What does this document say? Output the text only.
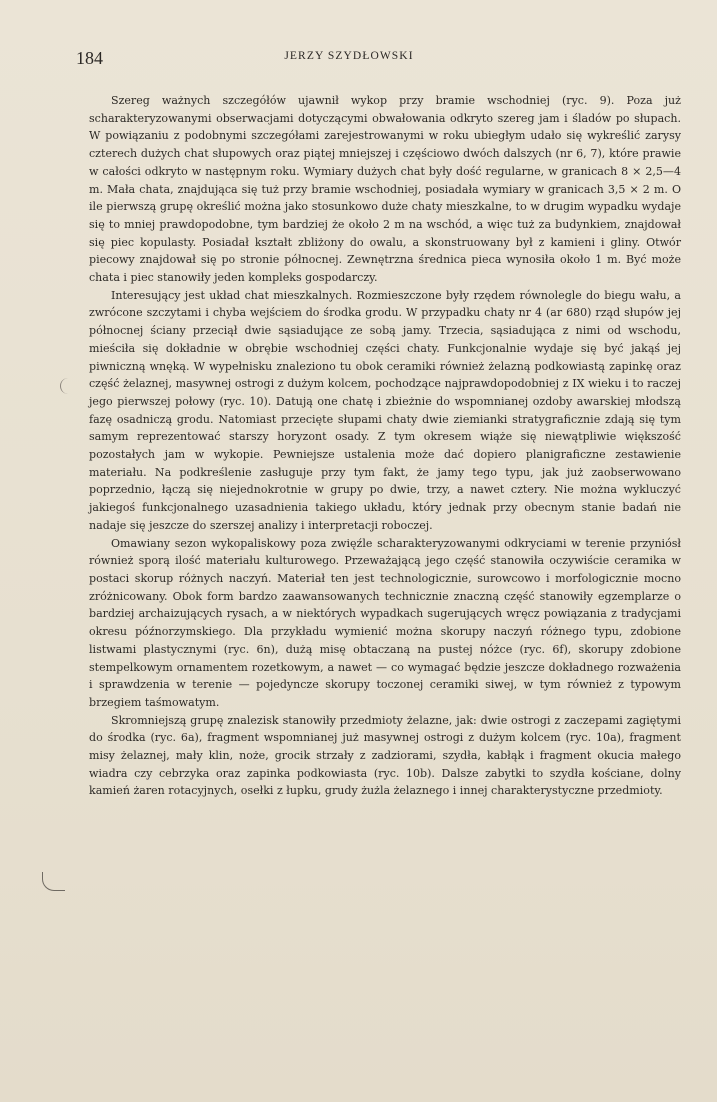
184	JERZY SZYDŁOWSKI

Szereg ważnych szczegółów ujawnił wykop przy bramie wschodniej (ryc. 9). Poza już scharakteryzowanymi obserwacjami dotyczącymi obwałowania odkryto szereg jam i śladów po słupach. W powiązaniu z podobnymi szczegółami zarejestrowanymi w roku ubiegłym udało się wykreślić zarysy czterech dużych chat słupowych oraz piątej mniejszej i częściowo dwóch dalszych (nr 6, 7), które prawie w całości odkryto w następnym roku. Wymiary dużych chat były dość regularne, w granicach 8 × 2,5—4 m. Mała chata, znajdująca się tuż przy bramie wschodniej, posiadała wymiary w granicach 3,5 × 2 m. O ile pierwszą grupę określić można jako stosunkowo duże chaty mieszkalne, to w drugim wypadku wydaje się to mniej prawdopodobne, tym bardziej że około 2 m na wschód, a więc tuż za budynkiem, znajdował się piec kopulasty. Posiadał kształt zbliżony do owalu, a skonstruowany był z kamieni i gliny. Otwór piecowy znajdował się po stronie północnej. Zewnętrzna średnica pieca wynosiła około 1 m. Być może chata i piec stanowiły jeden kompleks gospodarczy.

Interesujący jest układ chat mieszkalnych. Rozmieszczone były rzędem równolegle do biegu wału, a zwrócone szczytami i chyba wejściem do środka grodu. W przypadku chaty nr 4 (ar 680) rząd słupów jej północnej ściany przeciął dwie sąsiadujące ze sobą jamy. Trzecia, sąsiadująca z nimi od wschodu, mieściła się dokładnie w obrębie wschodniej części chaty. Funkcjonalnie wydaje się być jakąś jej piwniczną wnęką. W wypełnisku znaleziono tu obok ceramiki również żelazną podkowiastą zapinkę oraz część żelaznej, masywnej ostrogi z dużym kolcem, pochodzące najprawdopodobniej z IX wieku i to raczej jego pierwszej połowy (ryc. 10). Datują one chatę i zbieżnie do wspomnianej ozdoby awarskiej młodszą fazę osadniczą grodu. Natomiast przecięte słupami chaty dwie ziemianki stratygraficznie zdają się tym samym reprezentować starszy horyzont osady. Z tym okresem wiąże się niewątpliwie większość pozostałych jam w wykopie. Pewniejsze ustalenia może dać dopiero planigraficzne zestawienie materiału. Na podkreślenie zasługuje przy tym fakt, że jamy tego typu, jak już zaobserwowano poprzednio, łączą się niejednokrotnie w grupy po dwie, trzy, a nawet cztery. Nie można wykluczyć jakiegoś funkcjonalnego uzasadnienia takiego układu, który jednak przy obecnym stanie badań nie nadaje się jeszcze do szerszej analizy i interpretacji roboczej.

Omawiany sezon wykopaliskowy poza zwięźle scharakteryzowanymi odkryciami w terenie przyniósł również sporą ilość materiału kulturowego. Przeważającą jego część stanowiła oczywiście ceramika w postaci skorup różnych naczyń. Materiał ten jest technologicznie, surowcowo i morfologicznie mocno zróżnicowany. Obok form bardzo zaawansowanych technicznie znaczną część stanowiły egzemplarze o bardziej archaizujących rysach, a w niektórych wypadkach sugerujących wręcz powiązania z tradycjami okresu późnorzymskiego. Dla przykładu wymienić można skorupy naczyń różnego typu, zdobione listwami plastycznymi (ryc. 6n), dużą misę obtaczaną na pustej nóżce (ryc. 6f), skorupy zdobione stempelkowym ornamentem rozetkowym, a nawet — co wymagać będzie jeszcze dokładnego rozważenia i sprawdzenia w terenie — pojedyncze skorupy toczonej ceramiki siwej, w tym również z typowym brzegiem taśmowatym.

Skromniejszą grupę znalezisk stanowiły przedmioty żelazne, jak: dwie ostrogi z zaczepami zagiętymi do środka (ryc. 6a), fragment wspomnianej już masywnej ostrogi z dużym kolcem (ryc. 10a), fragment misy żelaznej, mały klin, noże, grocik strzały z zadziorami, szydła, kabłąk i fragment okucia małego wiadra czy cebrzyka oraz zapinka podkowiasta (ryc. 10b). Dalsze zabytki to szydła kościane, dolny kamień żaren rotacyjnych, osełki z łupku, grudy żużla żelaznego i innej charakterystyczne przedmioty.
